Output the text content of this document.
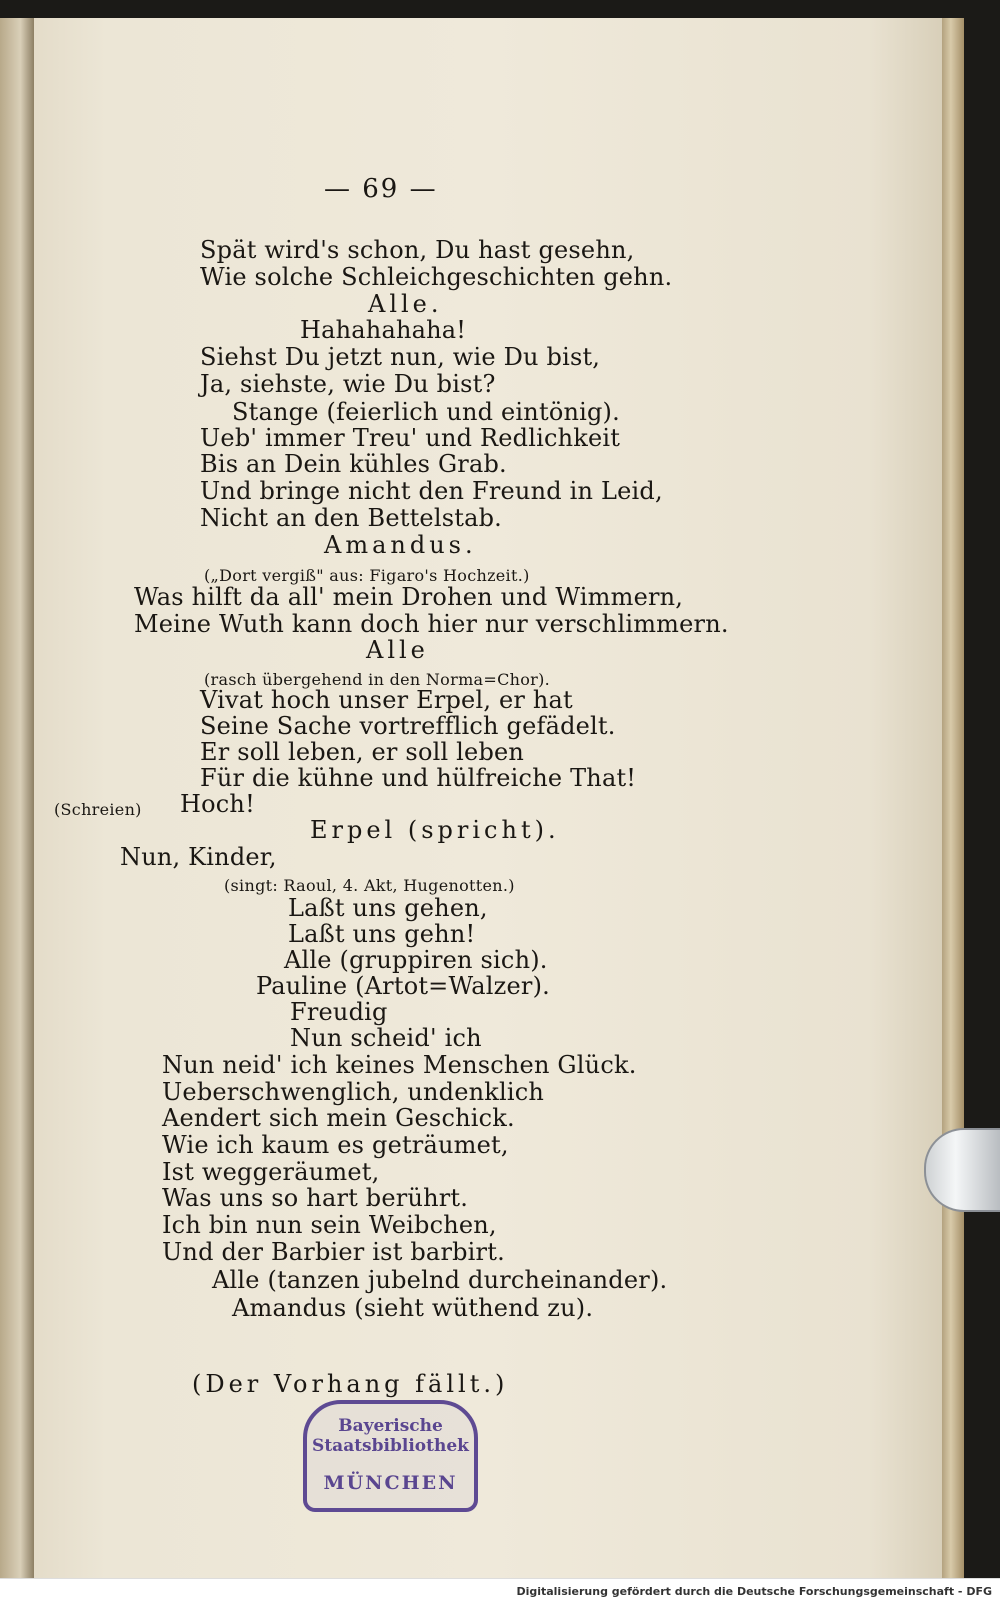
— 69 —
Spät wird's schon, Du hast gesehn,
Wie solche Schleichgeschichten gehn.
Alle.
Hahahahaha!
Siehst Du jetzt nun, wie Du bist,
Ja, siehste, wie Du bist?
Stange (feierlich und eintönig).
Ueb' immer Treu' und Redlichkeit
Bis an Dein kühles Grab.
Und bringe nicht den Freund in Leid,
Nicht an den Bettelstab.
Amandus.
(„Dort vergiß" aus: Figaro's Hochzeit.)
Was hilft da all' mein Drohen und Wimmern,
Meine Wuth kann doch hier nur verschlimmern.
Alle
(rasch übergehend in den Norma=Chor).
Vivat hoch unser Erpel, er hat
Seine Sache vortrefflich gefädelt.
Er soll leben, er soll leben
Für die kühne und hülfreiche That!
(Schreien) Hoch!
Erpel (spricht).
Nun, Kinder,
(singt: Raoul, 4. Akt, Hugenotten.)
Laßt uns gehen,
Laßt uns gehn!
Alle (gruppiren sich).
Pauline (Artot=Walzer).
Freudig
Nun scheid' ich
Nun neid' ich keines Menschen Glück.
Ueberschwenglich, undenklich
Aendert sich mein Geschick.
Wie ich kaum es geträumet,
Ist weggeräumet,
Was uns so hart berührt.
Ich bin nun sein Weibchen,
Und der Barbier ist barbirt.
Alle (tanzen jubelnd durcheinander).
Amandus (sieht wüthend zu).
(Der Vorhang fällt.)
Bayerische
Staatsbibliothek
MÜNCHEN
Digitalisierung gefördert durch die Deutsche Forschungsgemeinschaft - DFG
